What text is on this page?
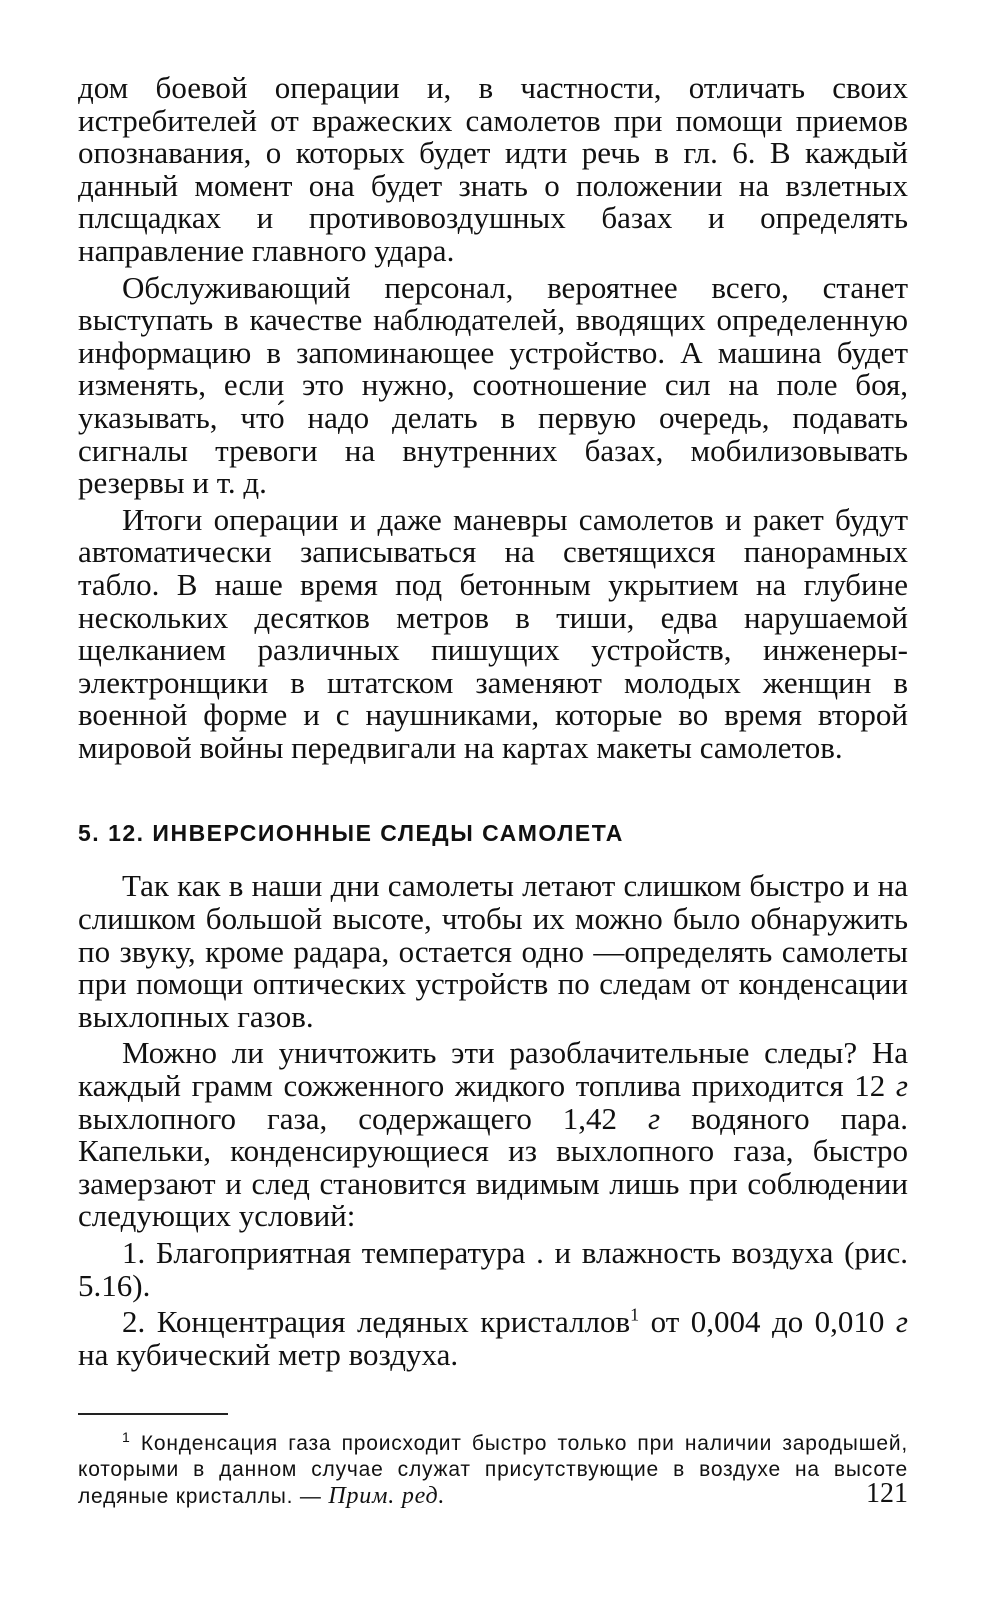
дом боевой операции и, в частности, отличать своих истребителей от вражеских самолетов при помощи приемов опознавания, о которых будет идти речь в гл. 6. В каждый данный момент она будет знать о положении на взлетных плсщадках и противовоздушных базах и определять направление главного удара.

Обслуживающий персонал, вероятнее всего, станет выступать в качестве наблюдателей, вводящих определенную информацию в запоминающее устройство. А машина будет изменять, если это нужно, соотношение сил на поле боя, указывать, что́ надо делать в первую очередь, подавать сигналы тревоги на внутренних базах, мобилизовывать резервы и т. д.

Итоги операции и даже маневры самолетов и ракет будут автоматически записываться на светящихся панорамных табло. В наше время под бетонным укрытием на глубине нескольких десятков метров в тиши, едва нарушаемой щелканием различных пишущих устройств, инженеры-электронщики в штатском заменяют молодых женщин в военной форме и с наушниками, которые во время второй мировой войны передвигали на картах макеты самолетов.

5. 12. ИНВЕРСИОННЫЕ СЛЕДЫ САМОЛЕТА

Так как в наши дни самолеты летают слишком быстро и на слишком большой высоте, чтобы их можно было обнаружить по звуку, кроме радара, остается одно —определять самолеты при помощи оптических устройств по следам от конденсации выхлопных газов.

Можно ли уничтожить эти разоблачительные следы? На каждый грамм сожженного жидкого топлива приходится 12 г выхлопного газа, содержащего 1,42 г водяного пара. Капельки, конденсирующиеся из выхлопного газа, быстро замерзают и след становится видимым лишь при соблюдении следующих условий:

1. Благоприятная температура . и влажность воздуха (рис. 5.16).

2. Концентрация ледяных кристаллов$^1$ от 0,004 до 0,010 г на кубический метр воздуха.

$^1$ Конденсация газа происходит быстро только при наличии зародышей, которыми в данном случае служат присутствующие в воздухе на высоте ледяные кристаллы. — Прим. ред.	121
